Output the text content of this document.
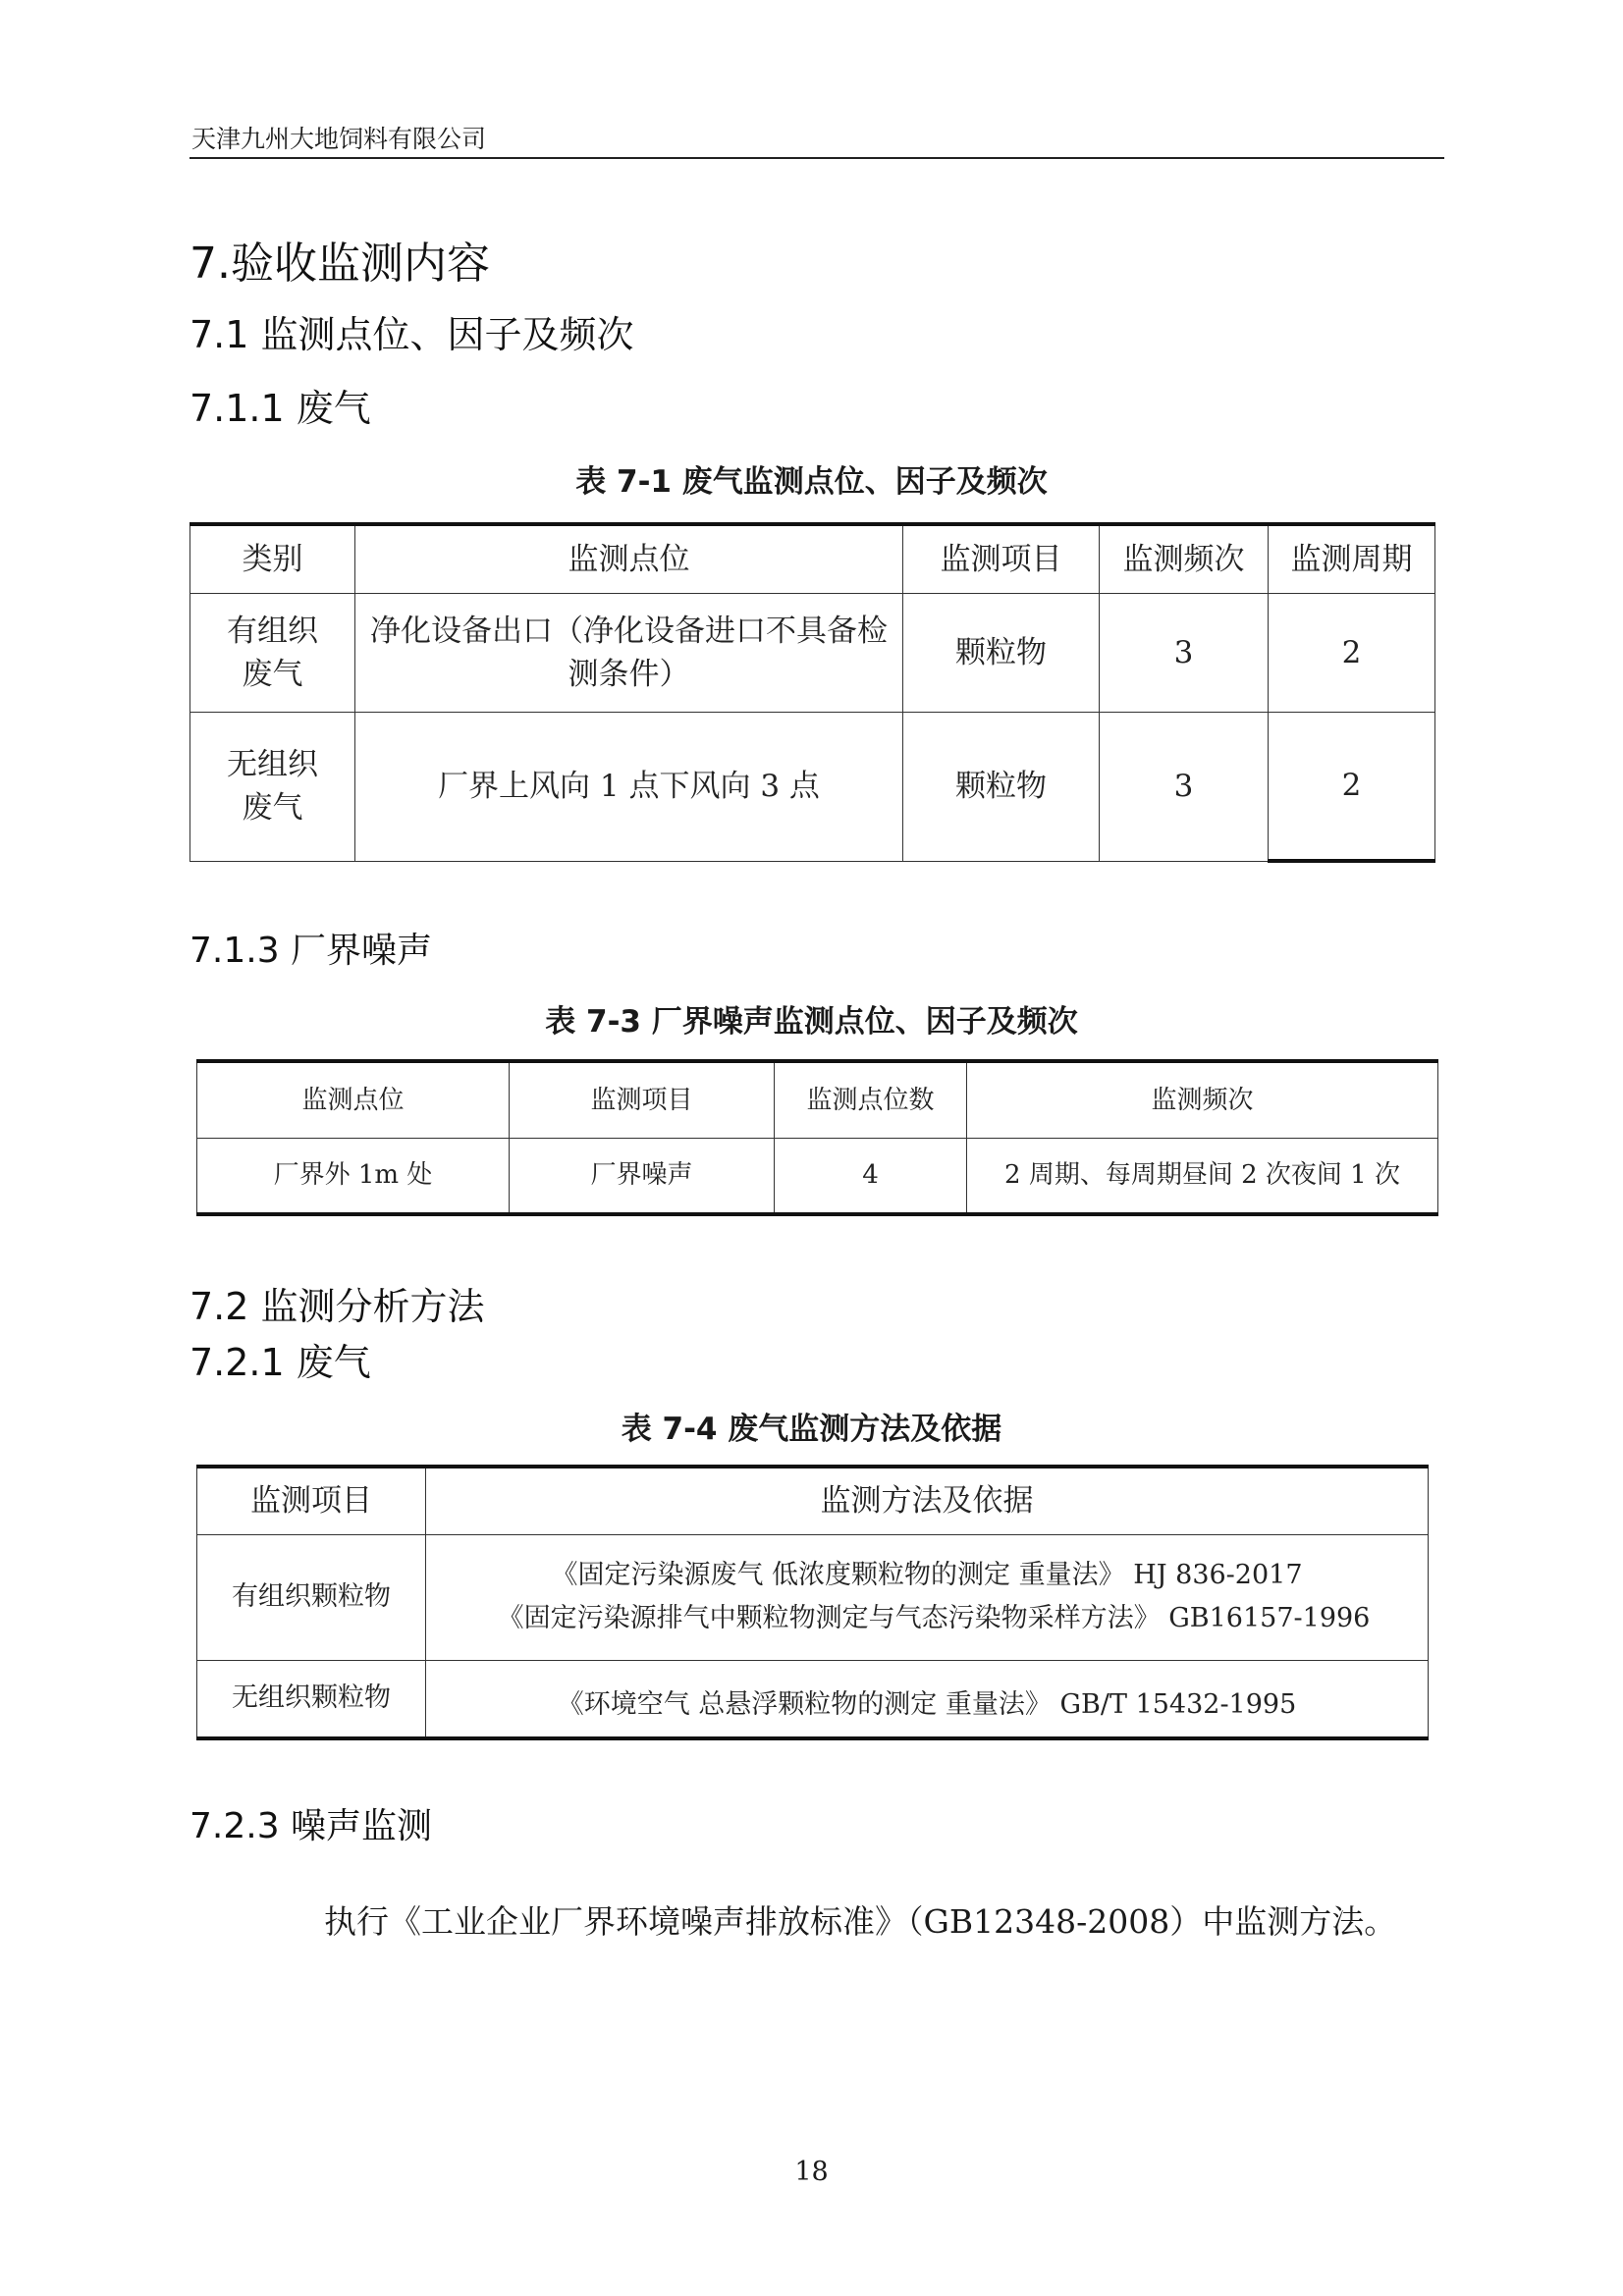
天津九州大地饲料有限公司
7.验收监测内容
7.1 监测点位、因子及频次
7.1.1 废气
表 7-1 废气监测点位、因子及频次
类别	监测点位	监测项目	监测频次	监测周期
有组织废气	净化设备出口（净化设备进口不具备检测条件）	颗粒物	3	2
无组织废气	厂界上风向 1 点下风向 3 点	颗粒物	3	2
7.1.3 厂界噪声
表 7-3 厂界噪声监测点位、因子及频次
监测点位	监测项目	监测点位数	监测频次
厂界外 1m 处	厂界噪声	4	2 周期、每周期昼间 2 次夜间 1 次
7.2 监测分析方法
7.2.1 废气
表 7-4 废气监测方法及依据
监测项目	监测方法及依据
有组织颗粒物	《固定污染源废气 低浓度颗粒物的测定 重量法》 HJ 836-2017
《固定污染源排气中颗粒物测定与气态污染物采样方法》 GB16157-1996

无组织颗粒物	《环境空气 总悬浮颗粒物的测定 重量法》 GB/T 15432-1995
7.2.3 噪声监测
执行《工业企业厂界环境噪声排放标准》（GB12348-2008）中监测方法。
18
